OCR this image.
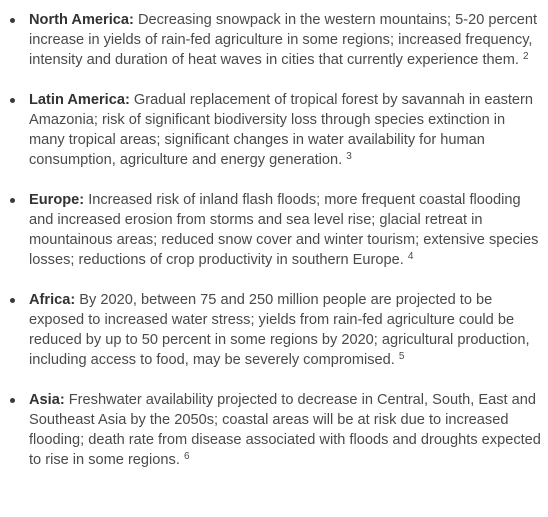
North America: Decreasing snowpack in the western mountains; 5-20 percent increase in yields of rain-fed agriculture in some regions; increased frequency, intensity and duration of heat waves in cities that currently experience them. $^2$
Latin America: Gradual replacement of tropical forest by savannah in eastern Amazonia; risk of significant biodiversity loss through species extinction in many tropical areas; significant changes in water availability for human consumption, agriculture and energy generation. $^3$
Europe: Increased risk of inland flash floods; more frequent coastal flooding and increased erosion from storms and sea level rise; glacial retreat in mountainous areas; reduced snow cover and winter tourism; extensive species losses; reductions of crop productivity in southern Europe. $^4$
Africa: By 2020, between 75 and 250 million people are projected to be exposed to increased water stress; yields from rain-fed agriculture could be reduced by up to 50 percent in some regions by 2020; agricultural production, including access to food, may be severely compromised. $^5$
Asia: Freshwater availability projected to decrease in Central, South, East and Southeast Asia by the 2050s; coastal areas will be at risk due to increased flooding; death rate from disease associated with floods and droughts expected to rise in some regions. $^6$
